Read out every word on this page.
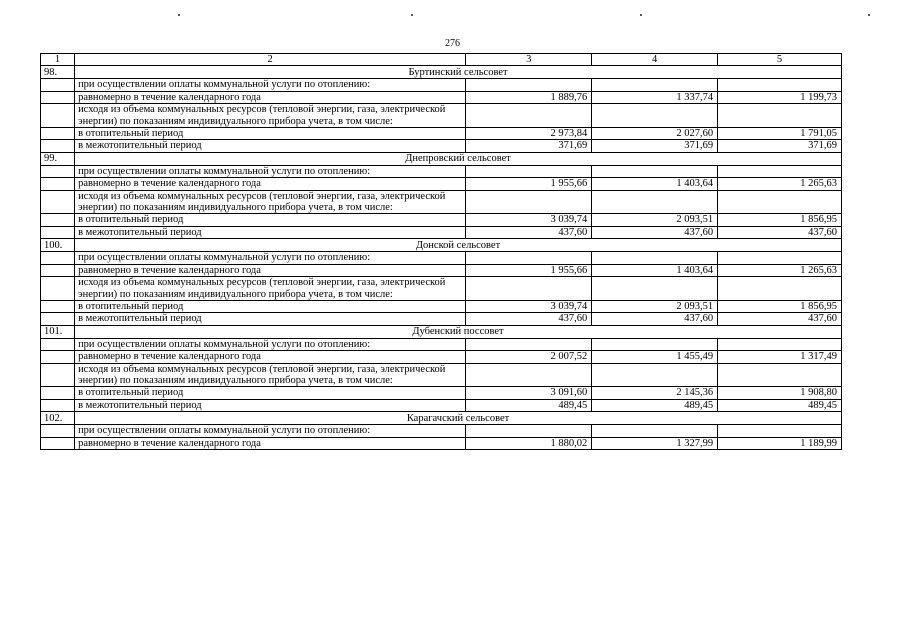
276
1	2	3	4	5
98.	Буртинский сельсовет			
	при осуществлении оплаты коммунальной услуги по отоплению:			
	равномерно в течение календарного года	1 889,76	1 337,74	1 199,73
	исходя из объема коммунальных ресурсов (тепловой энергии, газа, электрической энергии) по показаниям индивидуального прибора учета, в том числе:			
	в отопительный период	2 973,84	2 027,60	1 791,05
	в межотопительный период	371,69	371,69	371,69
99.	Днепровский сельсовет			
	при осуществлении оплаты коммунальной услуги по отоплению:			
	равномерно в течение календарного года	1 955,66	1 403,64	1 265,63
	исходя из объема коммунальных ресурсов (тепловой энергии, газа, электрической энергии) по показаниям индивидуального прибора учета, в том числе:			
	в отопительный период	3 039,74	2 093,51	1 856,95
	в межотопительный период	437,60	437,60	437,60
100.	Донской сельсовет			
	при осуществлении оплаты коммунальной услуги по отоплению:			
	равномерно в течение календарного года	1 955,66	1 403,64	1 265,63
	исходя из объема коммунальных ресурсов (тепловой энергии, газа, электрической энергии) по показаниям индивидуального прибора учета, в том числе:			
	в отопительный период	3 039,74	2 093,51	1 856,95
	в межотопительный период	437,60	437,60	437,60
101.	Дубенский поссовет			
	при осуществлении оплаты коммунальной услуги по отоплению:			
	равномерно в течение календарного года	2 007,52	1 455,49	1 317,49
	исходя из объема коммунальных ресурсов (тепловой энергии, газа, электрической энергии) по показаниям индивидуального прибора учета, в том числе:			
	в отопительный период	3 091,60	2 145,36	1 908,80
	в межотопительный период	489,45	489,45	489,45
102.	Карагачский сельсовет			
	при осуществлении оплаты коммунальной услуги по отоплению:			
	равномерно в течение календарного года	1 880,02	1 327,99	1 189,99
